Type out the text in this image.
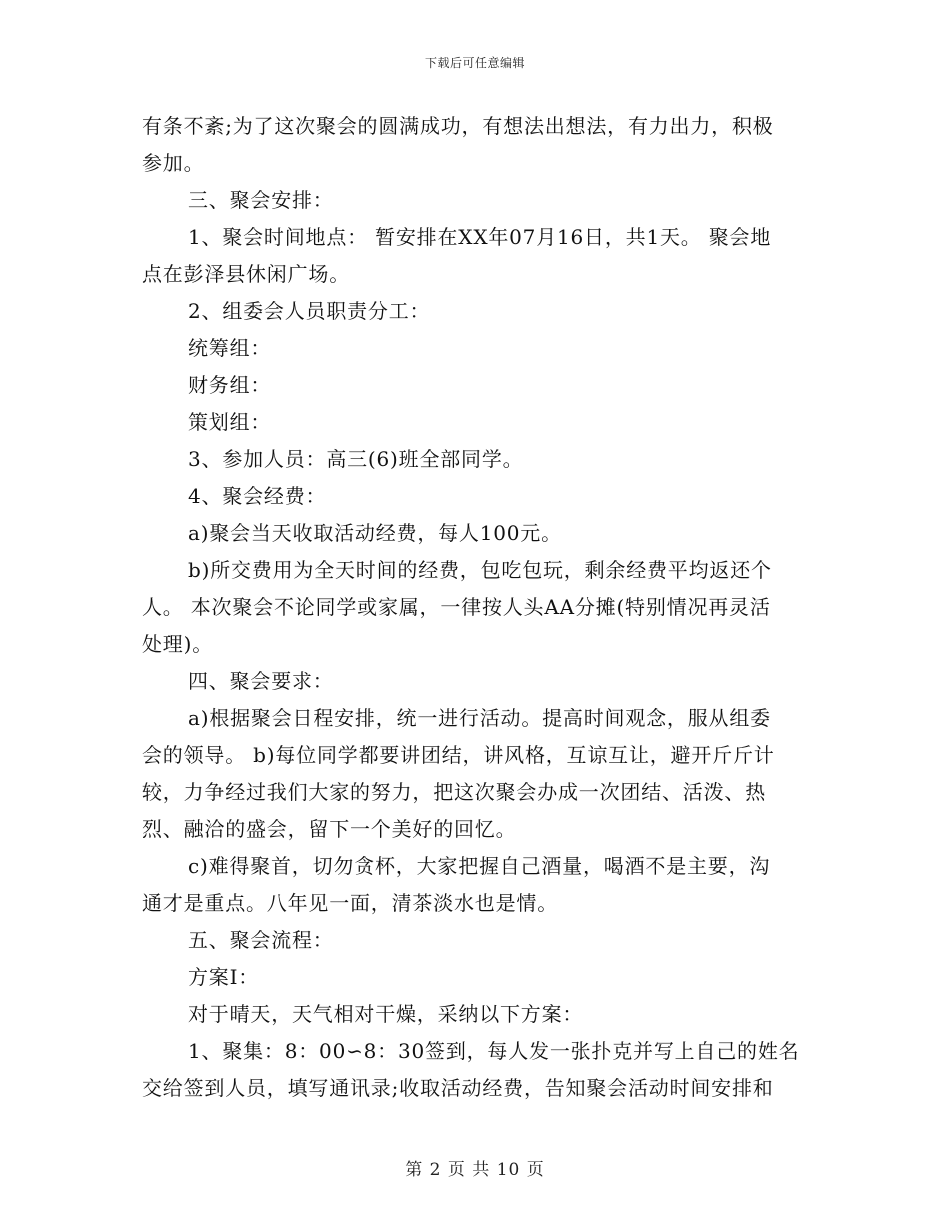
下载后可任意编辑
有条不紊;为了这次聚会的圆满成功，有想法出想法，有力出力，积极
参加。
三、聚会安排：
1、聚会时间地点： 暂安排在XX年07月16日，共1天。 聚会地
点在彭泽县休闲广场。
2、组委会人员职责分工：
统筹组：
财务组：
策划组：
3、参加人员：高三(6)班全部同学。
4、聚会经费：
a)聚会当天收取活动经费，每人100元。
b)所交费用为全天时间的经费，包吃包玩，剩余经费平均返还个
人。 本次聚会不论同学或家属，一律按人头AA分摊(特别情况再灵活
处理)。
四、聚会要求：
a)根据聚会日程安排，统一进行活动。提高时间观念，服从组委
会的领导。 b)每位同学都要讲团结，讲风格，互谅互让，避开斤斤计
较，力争经过我们大家的努力，把这次聚会办成一次团结、活泼、热
烈、融洽的盛会，留下一个美好的回忆。
c)难得聚首，切勿贪杯，大家把握自己酒量，喝酒不是主要，沟
通才是重点。八年见一面，清茶淡水也是情。
五、聚会流程：
方案Ⅰ：
对于晴天，天气相对干燥，采纳以下方案：
1、聚集：8：00∽8：30签到，每人发一张扑克并写上自己的姓名
交给签到人员，填写通讯录;收取活动经费，告知聚会活动时间安排和
第 2 页 共 10 页
